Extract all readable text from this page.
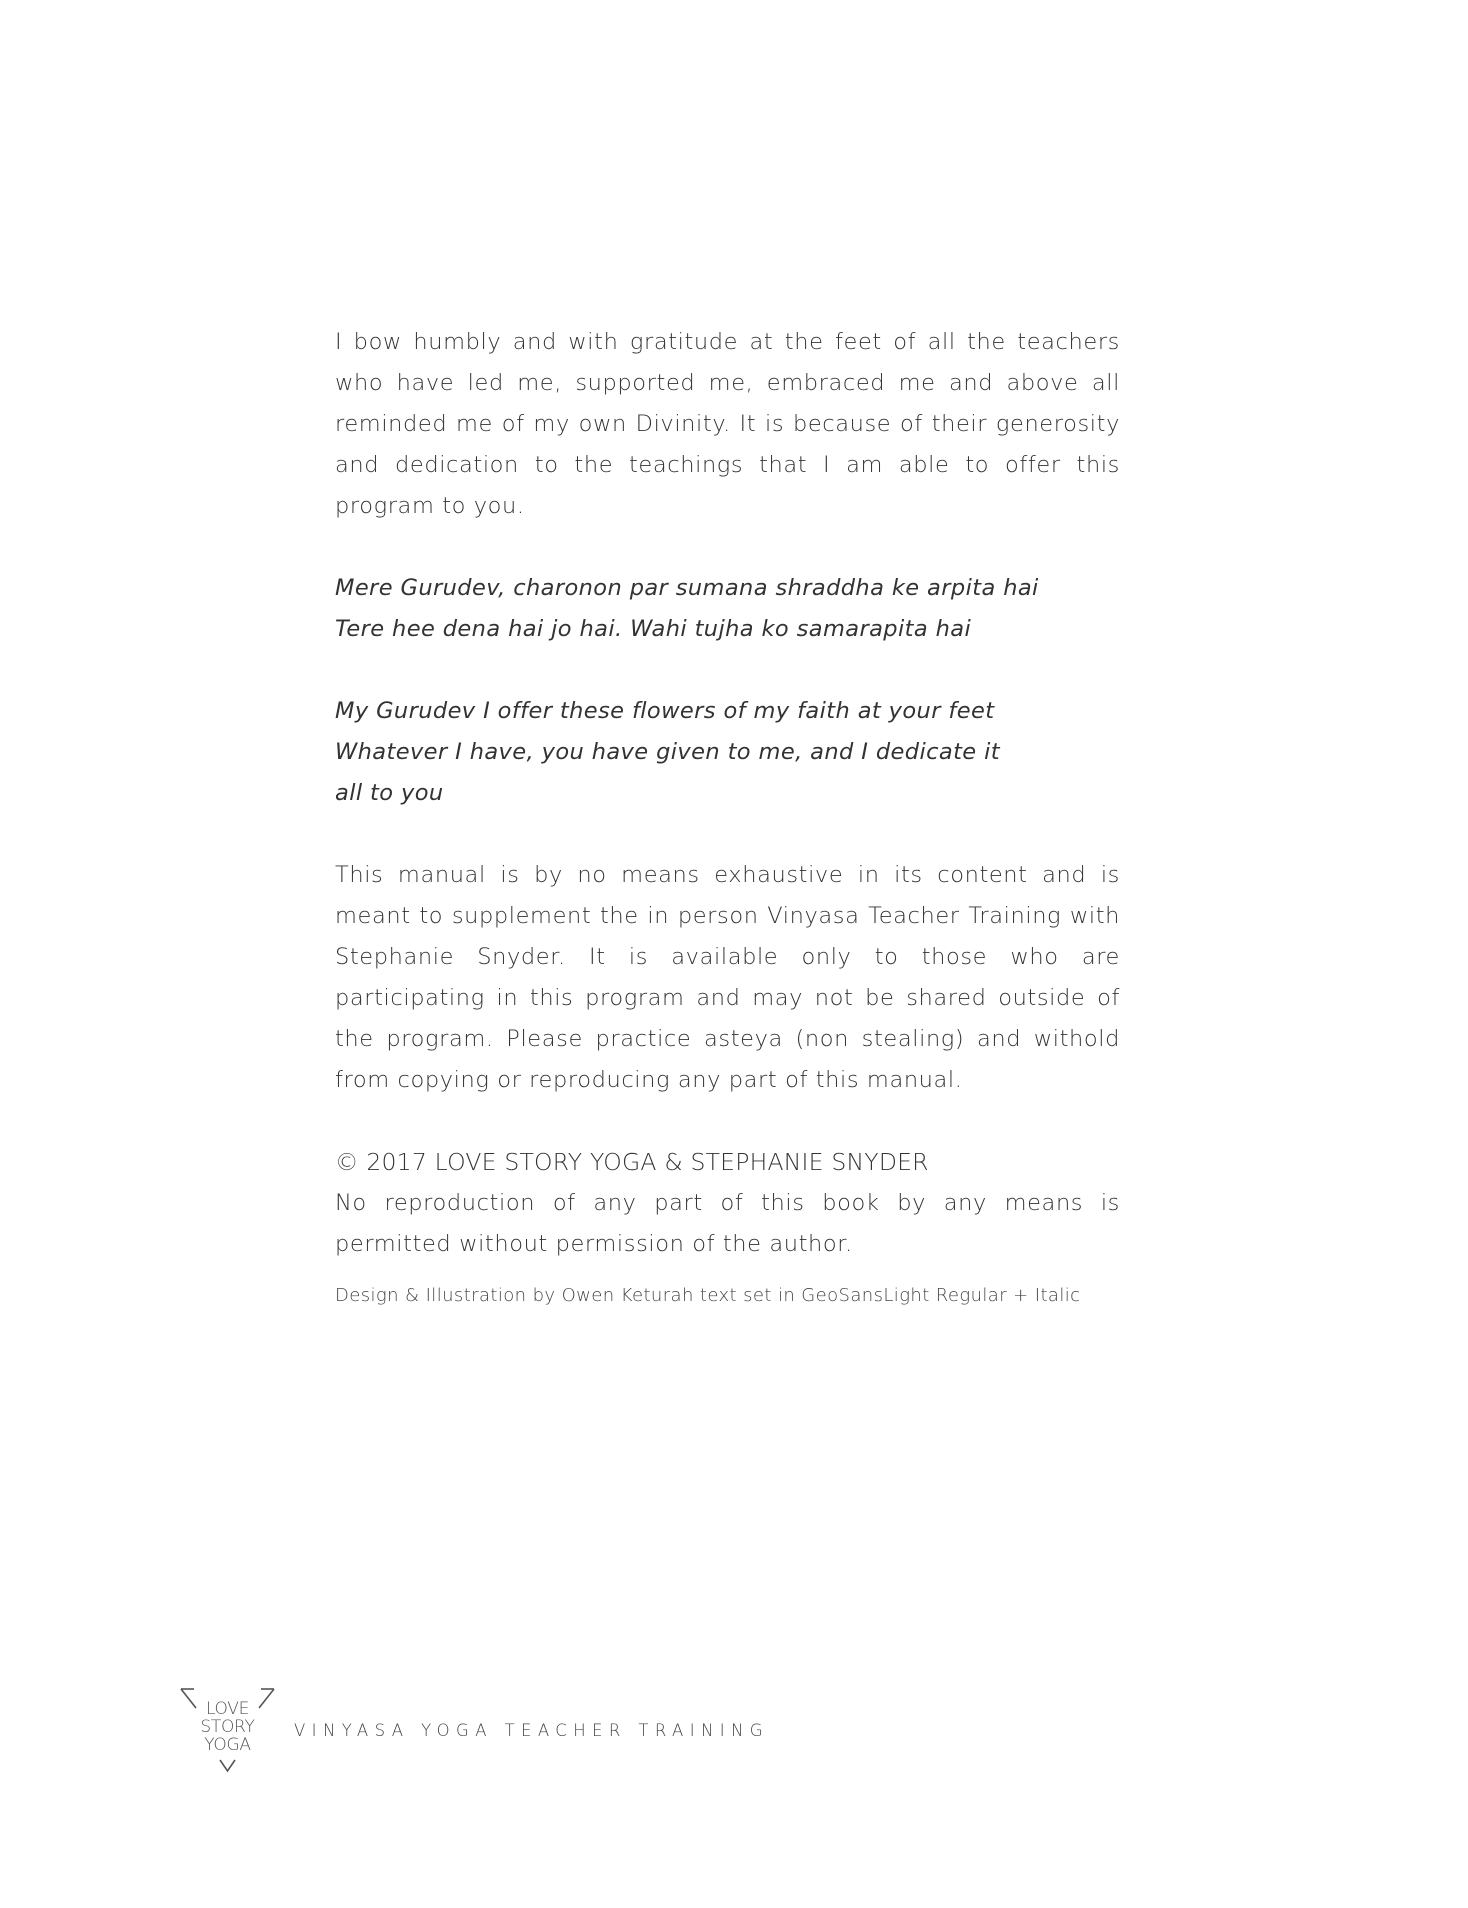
I bow humbly and with gratitude at the feet of all the teachers who have led me, supported me, embraced me and above all reminded me of my own Divinity. It is because of their generosity and dedication to the teachings that I am able to offer this program to you.

Mere Gurudev, charonon par sumana shraddha ke arpita hai

Tere hee dena hai jo hai. Wahi tujha ko samarapita hai

My Gurudev I offer these flowers of my faith at your feet

Whatever I have, you have given to me, and I dedicate it

all to you

This manual is by no means exhaustive in its content and is meant to supplement the in person Vinyasa Teacher Training with Stephanie Snyder. It is available only to those who are participating in this program and may not be shared outside of the program. Please practice asteya (non stealing) and withold from copying or reproducing any part of this manual.

© 2017 LOVE STORY YOGA & STEPHANIE SNYDER

No reproduction of any part of this book by any means is permitted without permission of the author.

Design & Illustration by Owen Keturah text set in GeoSansLight Regular + Italic

LOVE
STORY
YOGA
VINYASA YOGA TEACHER TRAINING
